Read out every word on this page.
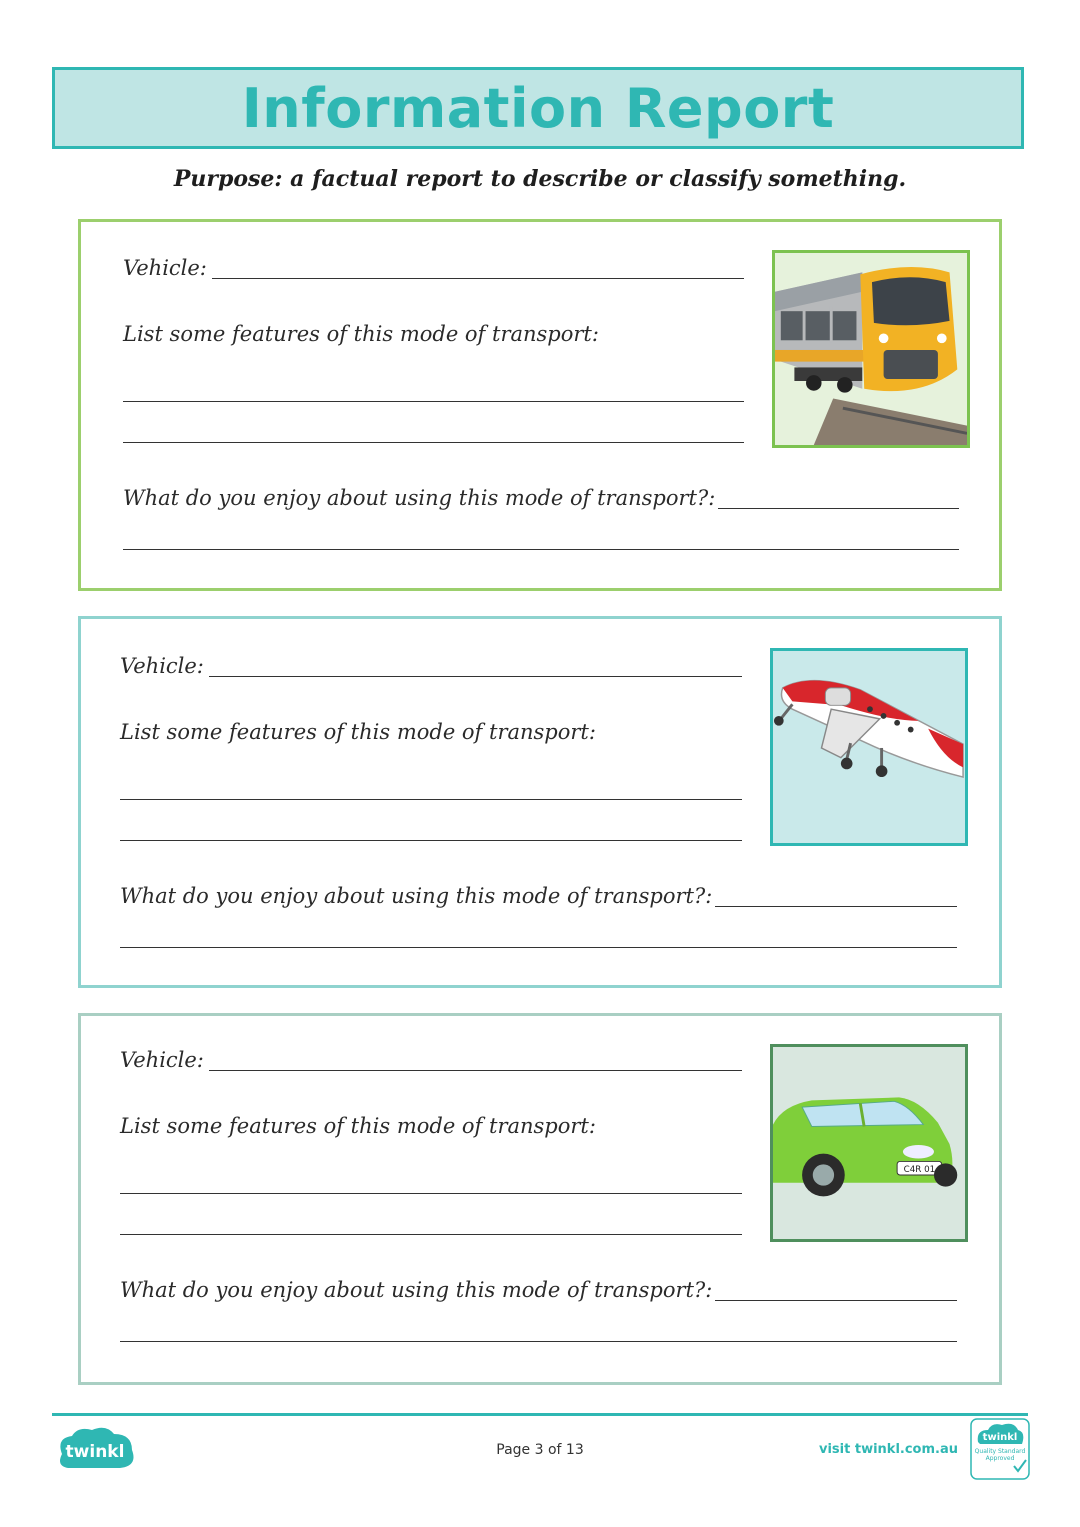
Information Report
Purpose: a factual report to describe or classify something.
Vehicle:
List some features of this mode of transport:
What do you enjoy about using this mode of transport?:
Vehicle:
List some features of this mode of transport:
What do you enjoy about using this mode of transport?:
Vehicle:
List some features of this mode of transport:
What do you enjoy about using this mode of transport?:
C4R 01
twinkl	Page 3 of 13	visit twinkl.com.au
twinkl
Quality Standard Approved
